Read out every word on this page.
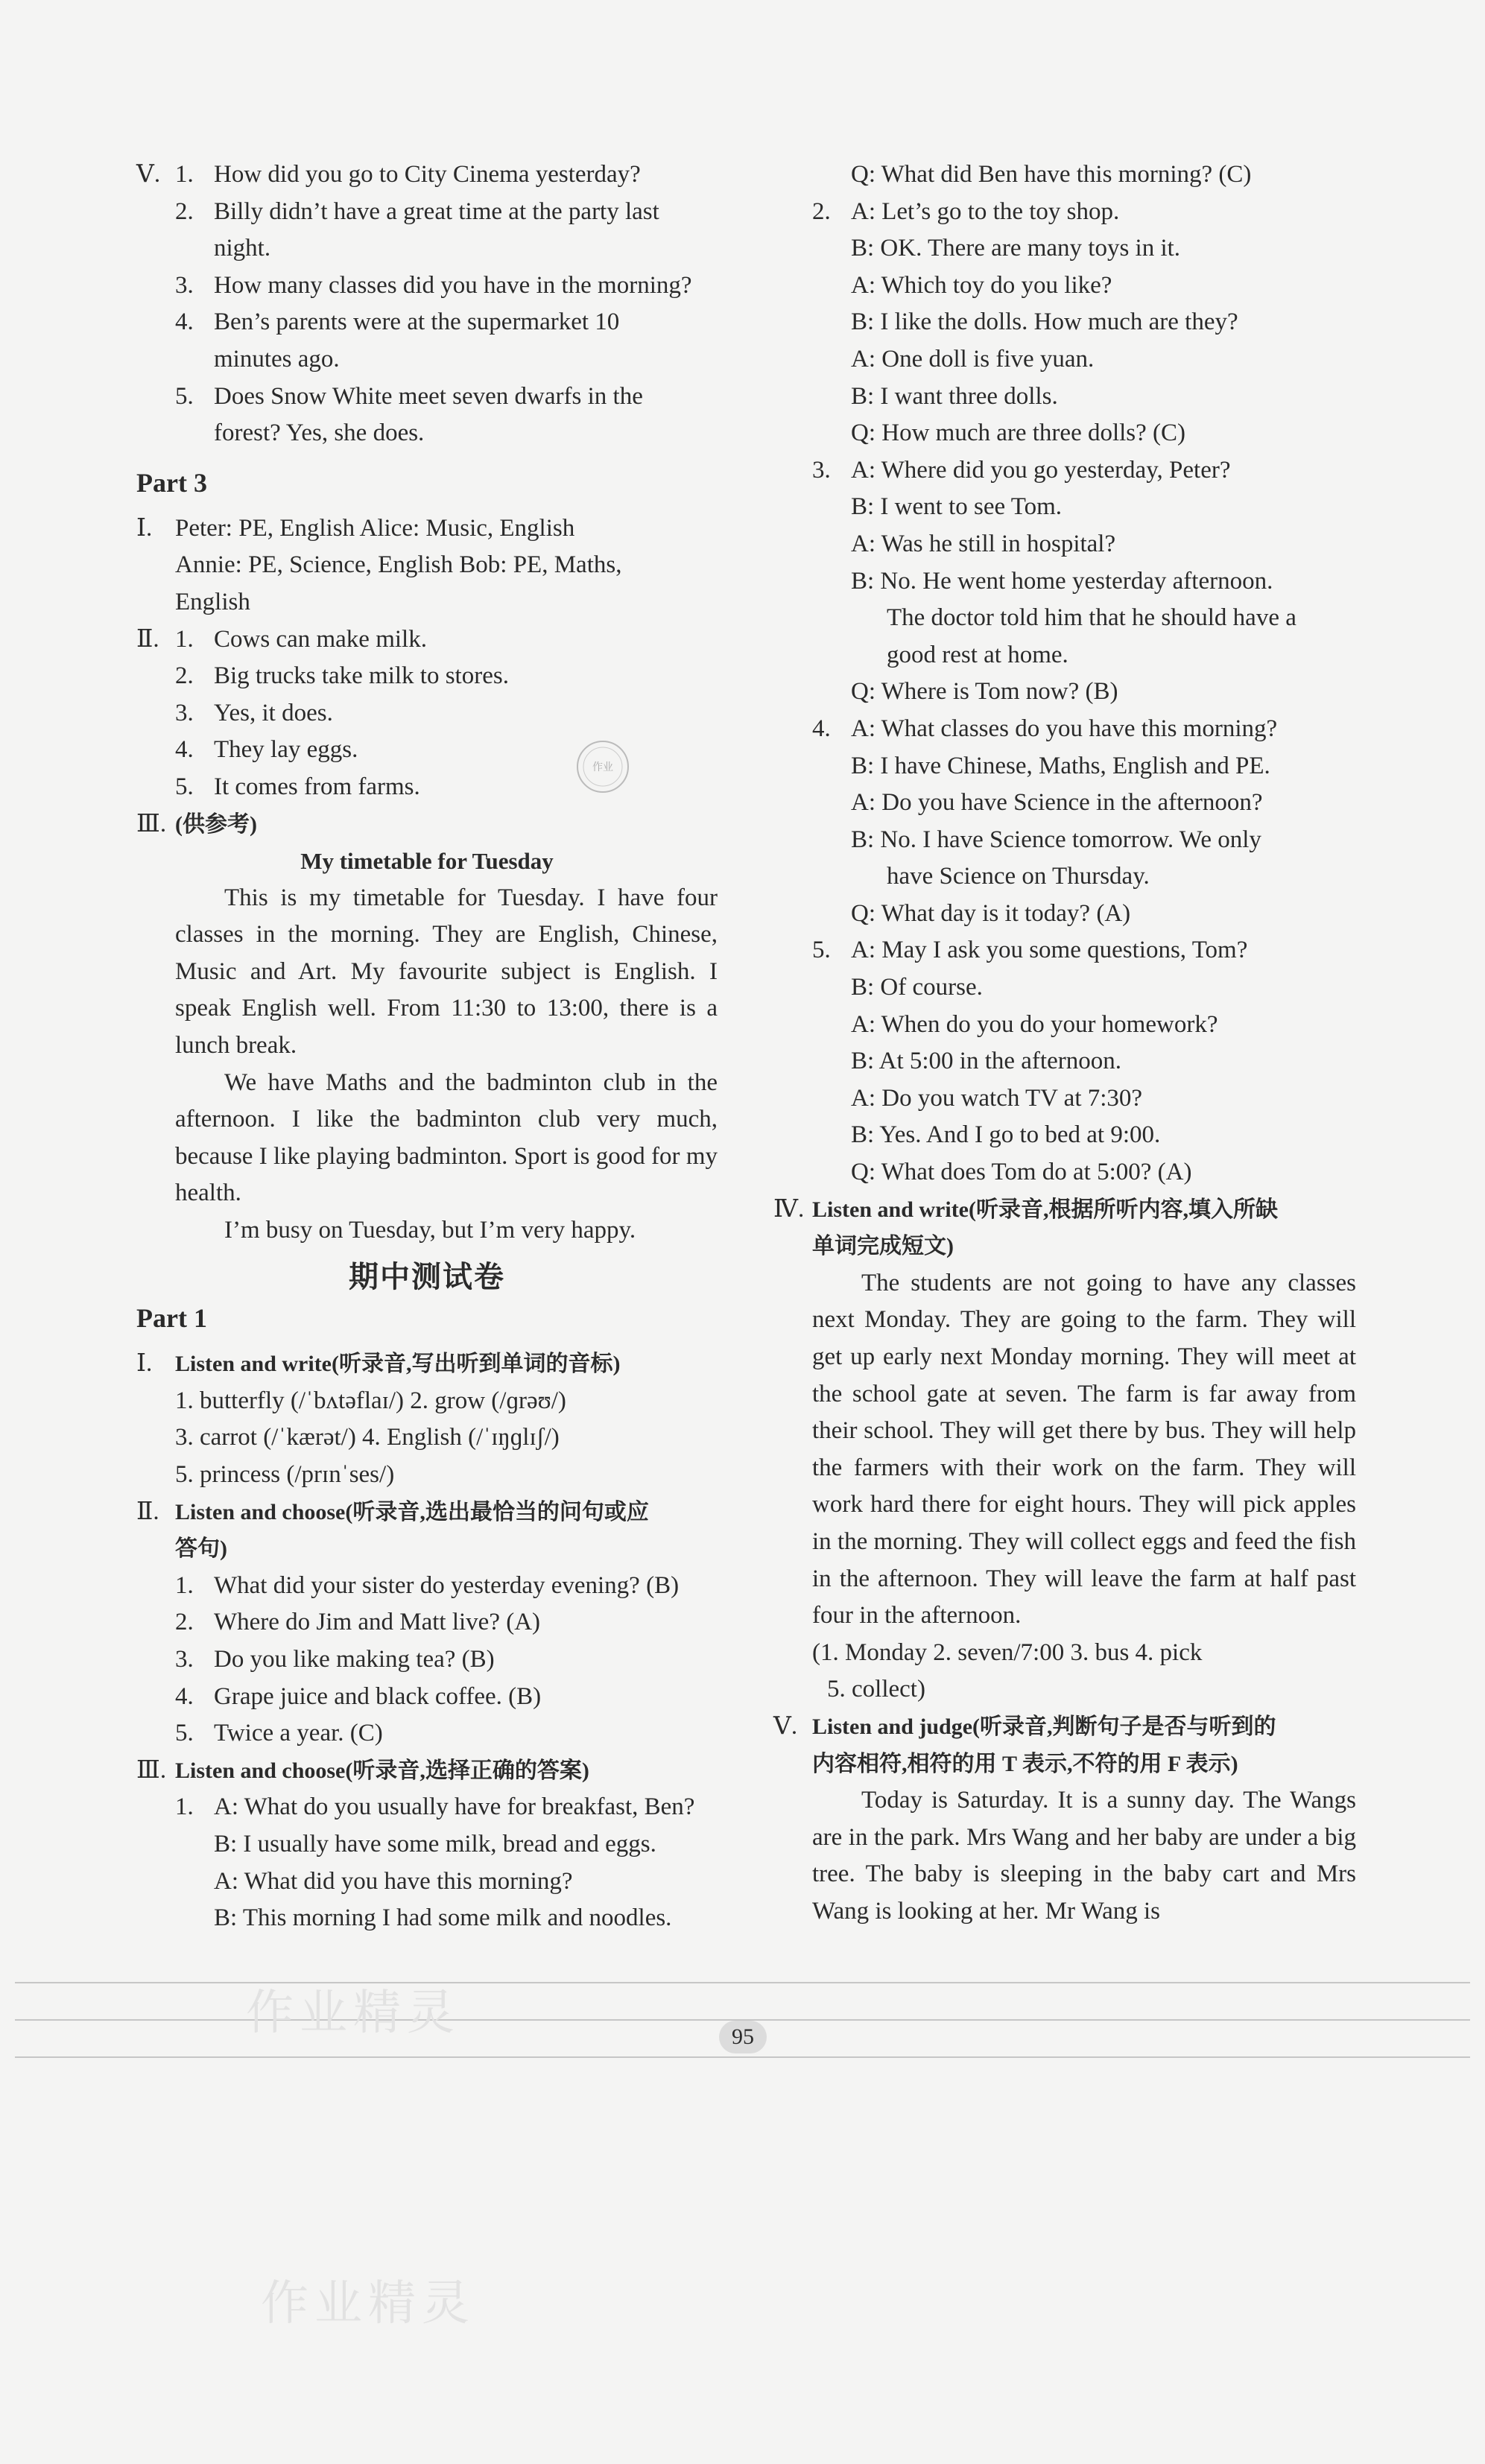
Ⅴ. 1. How did you go to City Cinema yesterday?
2. Billy didn’t have a great time at the party last
night.
3. How many classes did you have in the morning?
4. Ben’s parents were at the supermarket 10
minutes ago.
5. Does Snow White meet seven dwarfs in the
forest? Yes, she does.
Part 3
Ⅰ. Peter: PE, English Alice: Music, English
Annie: PE, Science, English Bob: PE, Maths,
English
Ⅱ. 1. Cows can make milk.
2. Big trucks take milk to stores.
3. Yes, it does.
4. They lay eggs.
5. It comes from farms.
Ⅲ. (供参考)
My timetable for Tuesday
This is my timetable for Tuesday. I have four classes in the morning. They are English, Chinese, Music and Art. My favourite subject is English. I speak English well. From 11:30 to 13:00, there is a lunch break.
We have Maths and the badminton club in the afternoon. I like the badminton club very much, because I like playing badminton. Sport is good for my health.
I’m busy on Tuesday, but I’m very happy.
期中测试卷
Part 1
Ⅰ. Listen and write(听录音,写出听到单词的音标)
1. butterfly (/ˈbʌtəflaɪ/) 2. grow (/ɡrəʊ/)
3. carrot (/ˈkærət/) 4. English (/ˈɪŋɡlɪʃ/)
5. princess (/prɪnˈses/)
Ⅱ. Listen and choose(听录音,选出最恰当的问句或应
答句)
1. What did your sister do yesterday evening? (B)
2. Where do Jim and Matt live? (A)
3. Do you like making tea? (B)
4. Grape juice and black coffee. (B)
5. Twice a year. (C)
Ⅲ. Listen and choose(听录音,选择正确的答案)
1. A: What do you usually have for breakfast, Ben?
B: I usually have some milk, bread and eggs.
A: What did you have this morning?
B: This morning I had some milk and noodles.
Q: What did Ben have this morning? (C)
2. A: Let’s go to the toy shop.
B: OK. There are many toys in it.
A: Which toy do you like?
B: I like the dolls. How much are they?
A: One doll is five yuan.
B: I want three dolls.
Q: How much are three dolls? (C)
3. A: Where did you go yesterday, Peter?
B: I went to see Tom.
A: Was he still in hospital?
B: No. He went home yesterday afternoon.
The doctor told him that he should have a
good rest at home.
Q: Where is Tom now? (B)
4. A: What classes do you have this morning?
B: I have Chinese, Maths, English and PE.
A: Do you have Science in the afternoon?
B: No. I have Science tomorrow. We only
have Science on Thursday.
Q: What day is it today? (A)
5. A: May I ask you some questions, Tom?
B: Of course.
A: When do you do your homework?
B: At 5:00 in the afternoon.
A: Do you watch TV at 7:30?
B: Yes. And I go to bed at 9:00.
Q: What does Tom do at 5:00? (A)
Ⅳ. Listen and write(听录音,根据所听内容,填入所缺
单词完成短文)
The students are not going to have any classes next Monday. They are going to the farm. They will get up early next Monday morning. They will meet at the school gate at seven. The farm is far away from their school. They will get there by bus. They will help the farmers with their work on the farm. They will work hard there for eight hours. They will pick apples in the morning. They will collect eggs and feed the fish in the afternoon. They will leave the farm at half past four in the afternoon.
(1. Monday 2. seven/7:00 3. bus 4. pick
5. collect)
Ⅴ. Listen and judge(听录音,判断句子是否与听到的
内容相符,相符的用 T 表示,不符的用 F 表示)
Today is Saturday. It is a sunny day. The Wangs are in the park. Mrs Wang and her baby are under a big tree. The baby is sleeping in the baby cart and Mrs Wang is looking at her. Mr Wang is
作业
95
作业精灵
作业精灵
